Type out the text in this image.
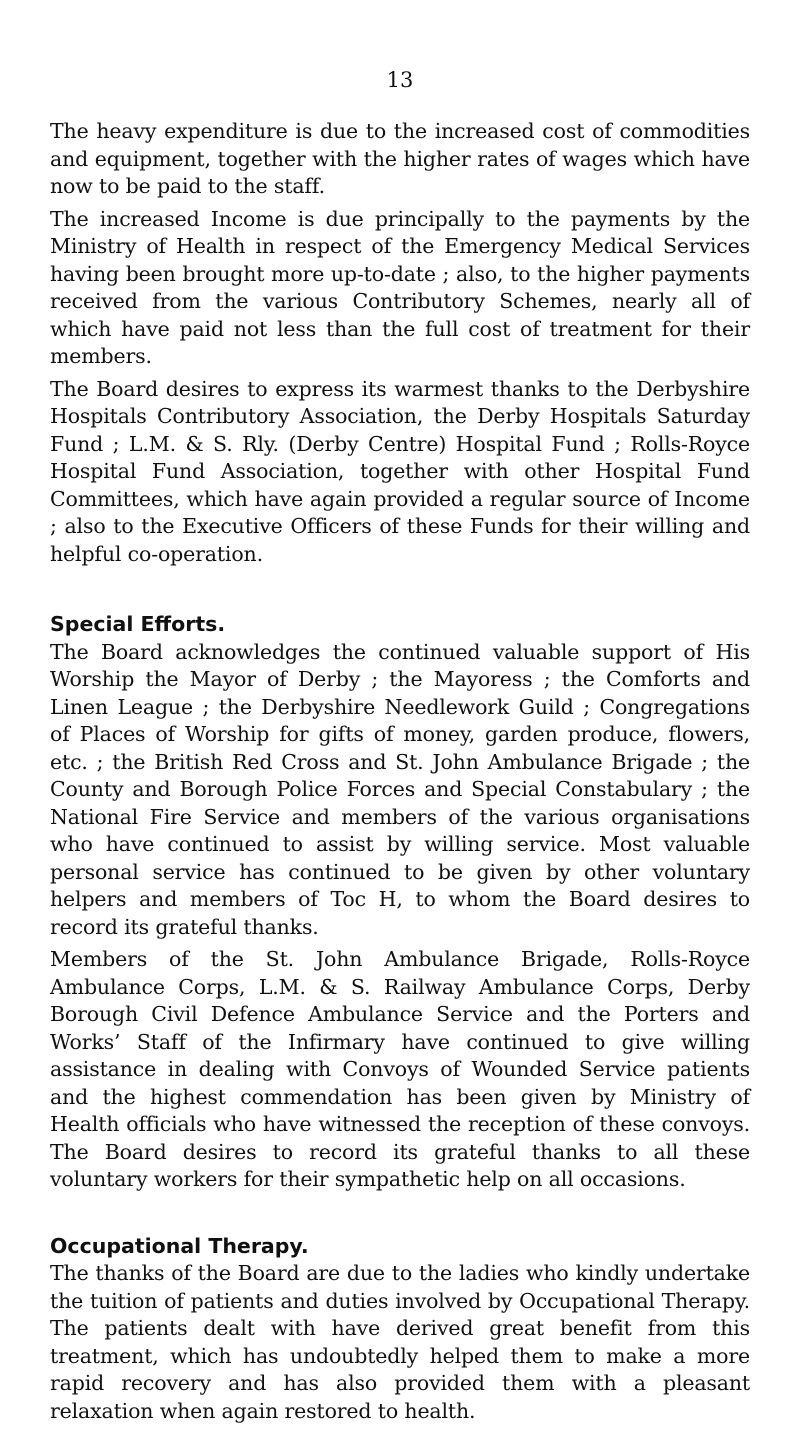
13

The heavy expenditure is due to the increased cost of commodities and equipment, together with the higher rates of wages which have now to be paid to the staff.

The increased Income is due principally to the payments by the Ministry of Health in respect of the Emergency Medical Services having been brought more up-to-date ; also, to the higher payments received from the various Contributory Schemes, nearly all of which have paid not less than the full cost of treatment for their members.

The Board desires to express its warmest thanks to the Derbyshire Hospitals Contributory Association, the Derby Hospitals Saturday Fund ; L.M. & S. Rly. (Derby Centre) Hospital Fund ; Rolls-Royce Hospital Fund Association, together with other Hospital Fund Committees, which have again provided a regular source of Income ; also to the Executive Officers of these Funds for their willing and helpful co-operation.

Special Efforts.

The Board acknowledges the continued valuable support of His Worship the Mayor of Derby ; the Mayoress ; the Comforts and Linen League ; the Derbyshire Needlework Guild ; Congregations of Places of Worship for gifts of money, garden produce, flowers, etc. ; the British Red Cross and St. John Ambulance Brigade ; the County and Borough Police Forces and Special Constabulary ; the National Fire Service and members of the various organisations who have continued to assist by willing service. Most valuable personal service has continued to be given by other voluntary helpers and members of Toc H, to whom the Board desires to record its grateful thanks.

Members of the St. John Ambulance Brigade, Rolls-Royce Ambulance Corps, L.M. & S. Railway Ambulance Corps, Derby Borough Civil Defence Ambulance Service and the Porters and Works’ Staff of the Infirmary have continued to give willing assistance in dealing with Convoys of Wounded Service patients and the highest commendation has been given by Ministry of Health officials who have witnessed the reception of these convoys. The Board desires to record its grateful thanks to all these voluntary workers for their sympathetic help on all occasions.

Occupational Therapy.

The thanks of the Board are due to the ladies who kindly undertake the tuition of patients and duties involved by Occupational Therapy. The patients dealt with have derived great benefit from this treatment, which has undoubtedly helped them to make a more rapid recovery and has also provided them with a pleasant relaxation when again restored to health.
